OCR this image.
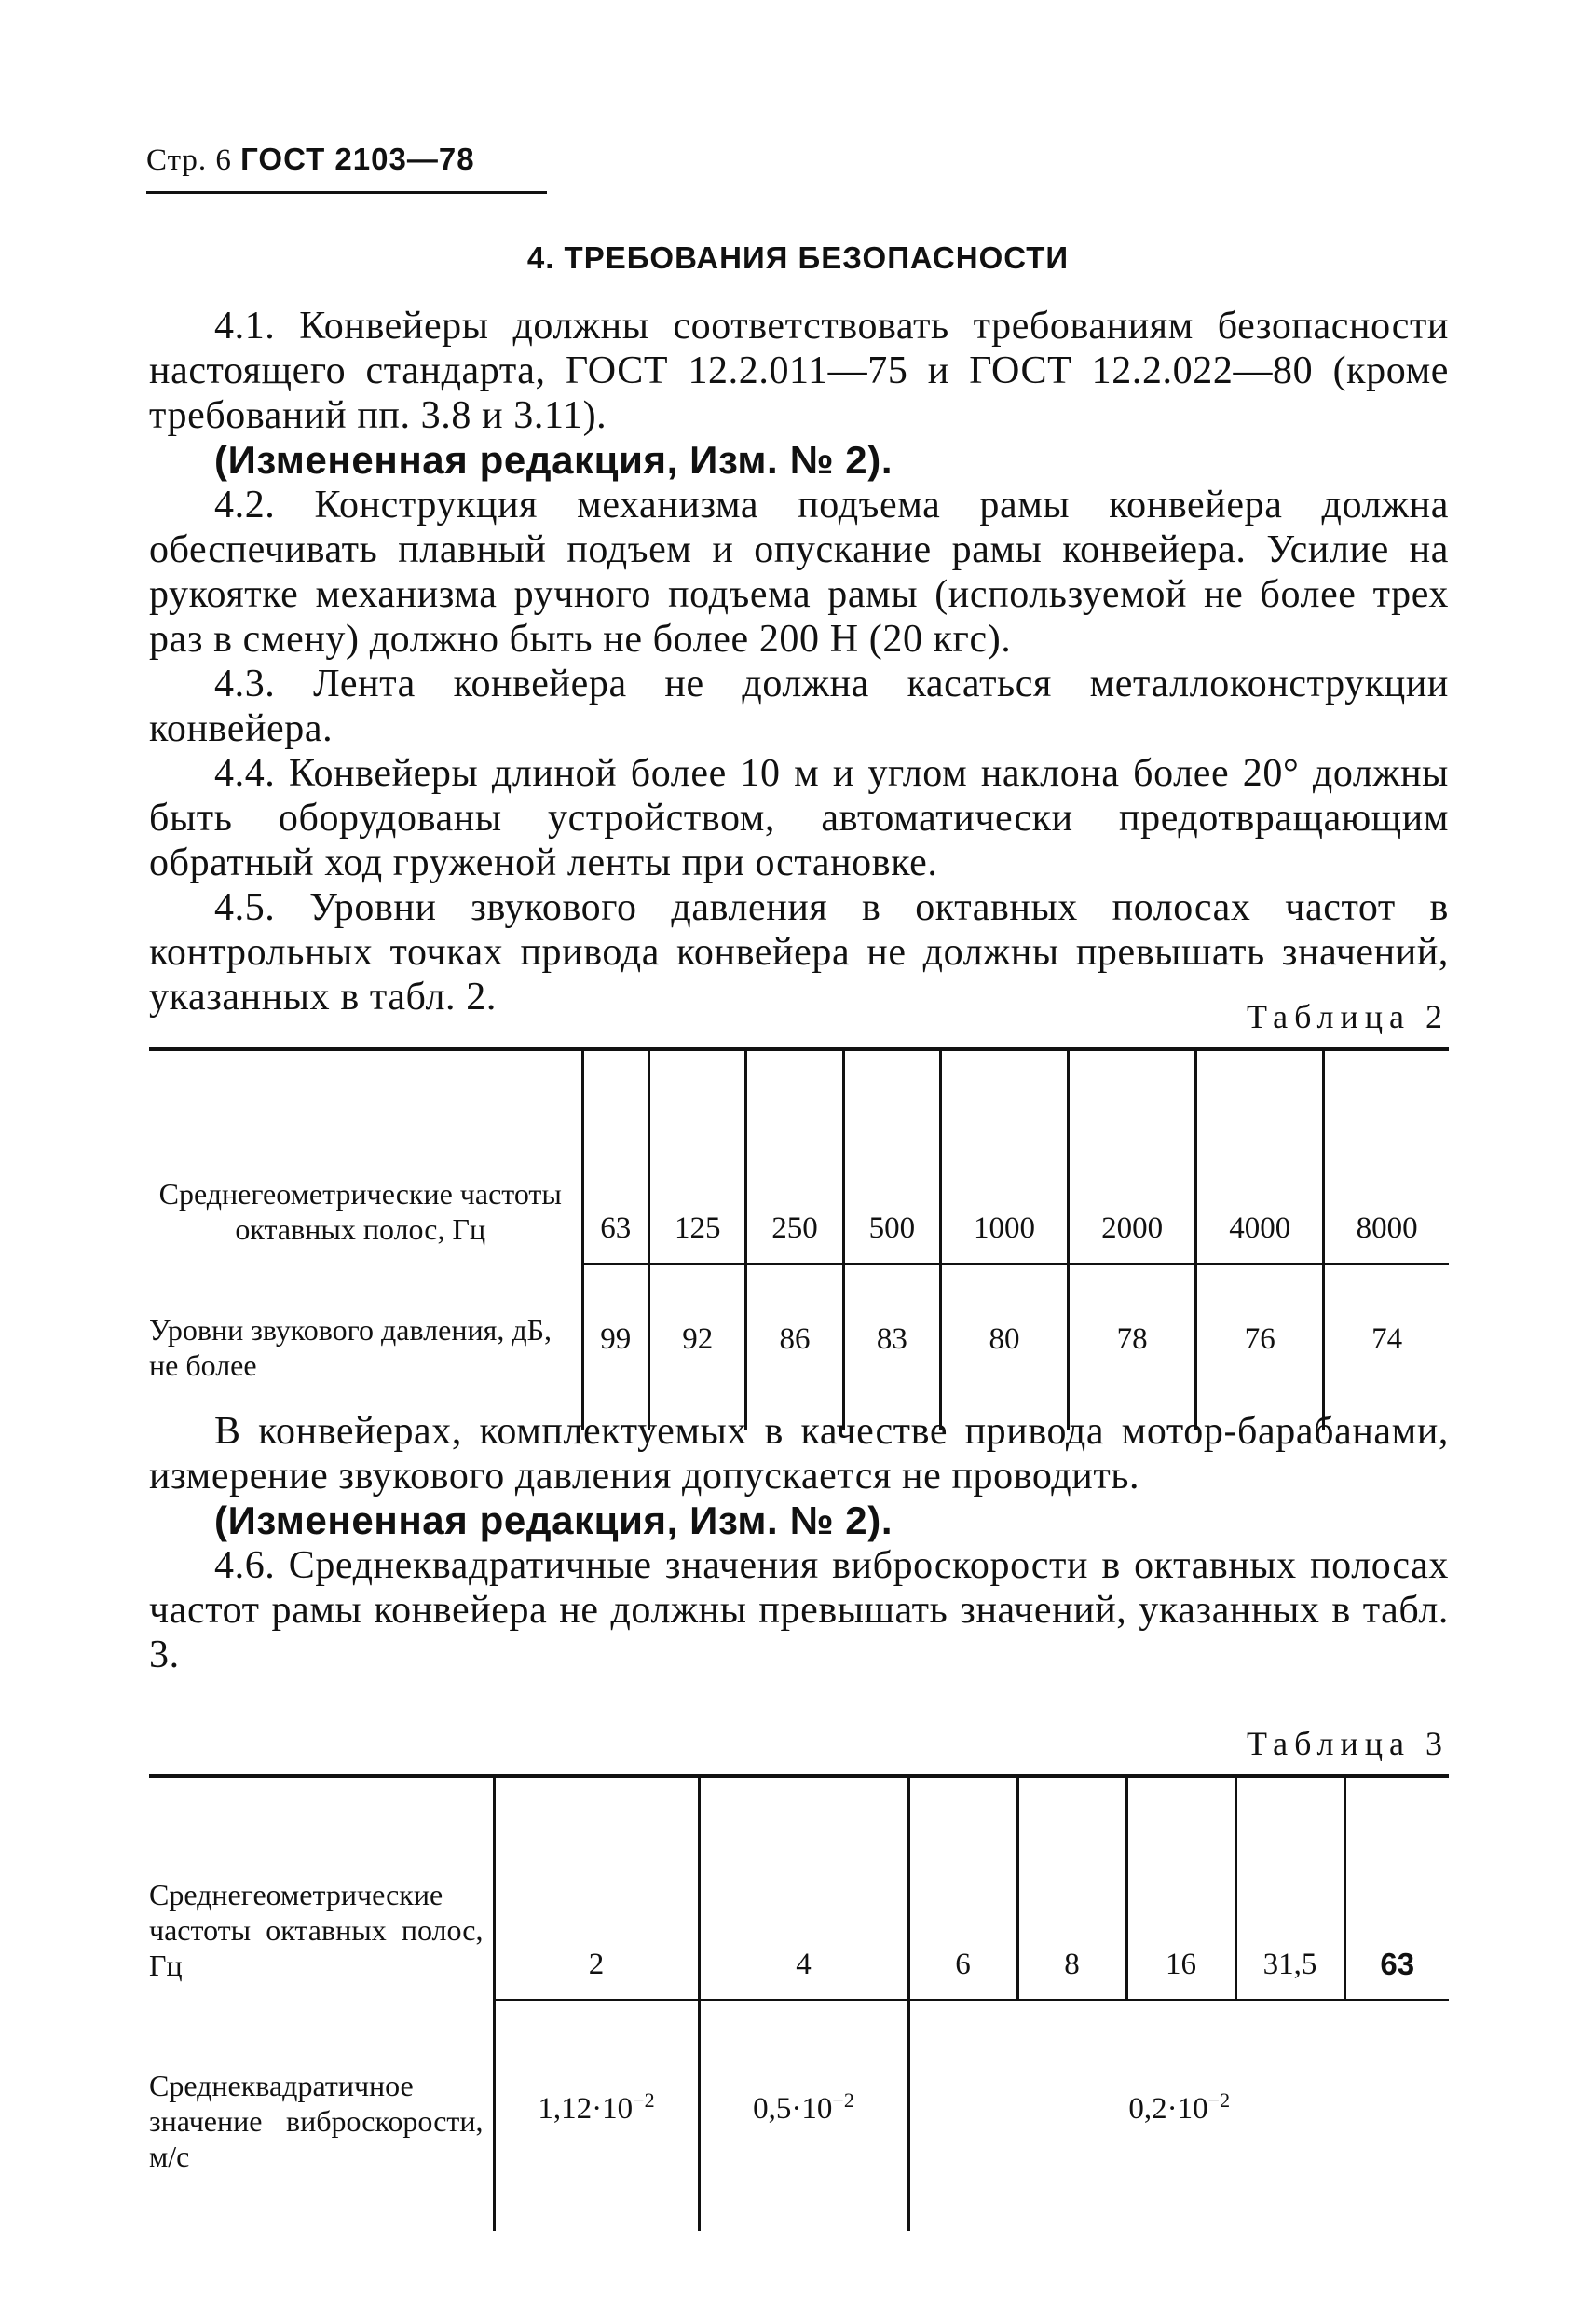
Стр. 6 ГОСТ 2103—78
4. ТРЕБОВАНИЯ БЕЗОПАСНОСТИ

4.1. Конвейеры должны соответствовать требованиям безопасности настоящего стандарта, ГОСТ 12.2.011—75 и ГОСТ 12.2.022—80 (кроме требований пп. 3.8 и 3.11).

(Измененная редакция, Изм. № 2).

4.2. Конструкция механизма подъема рамы конвейера должна обеспечивать плавный подъем и опускание рамы конвейера. Усилие на рукоятке механизма ручного подъема рамы (используемой не более трех раз в смену) должно быть не более 200 Н (20 кгс).

4.3. Лента конвейера не должна касаться металлоконструкции конвейера.

4.4. Конвейеры длиной более 10 м и углом наклона более 20° должны быть оборудованы устройством, автоматически предотвращающим обратный ход груженой ленты при остановке.

4.5. Уровни звукового давления в октавных полосах частот в контрольных точках привода конвейера не должны превышать значений, указанных в табл. 2.	Таблица 2
Среднегеометрические частоты октавных полос, Гц	63	125	250	500	1000	2000	4000	8000
Уровни звукового давления, дБ, не более	99	92	86	83	80	78	76	74

В конвейерах, комплектуемых в качестве привода мотор-барабанами, измерение звукового давления допускается не проводить.

(Измененная редакция, Изм. № 2).

4.6. Среднеквадратичные значения виброскорости в октавных полосах частот рамы конвейера не должны превышать значений, указанных в табл. 3.

Таблица 3
Среднегеометрические частоты октавных полос, Гц	2	4	6	8	16	31,5	63
Среднеквадратичное значение виброскорости, м/с	$1,12\cdot 10^{-2}$	$0,5\cdot 10^{-2}$	$0,2\cdot 10^{-2}$
